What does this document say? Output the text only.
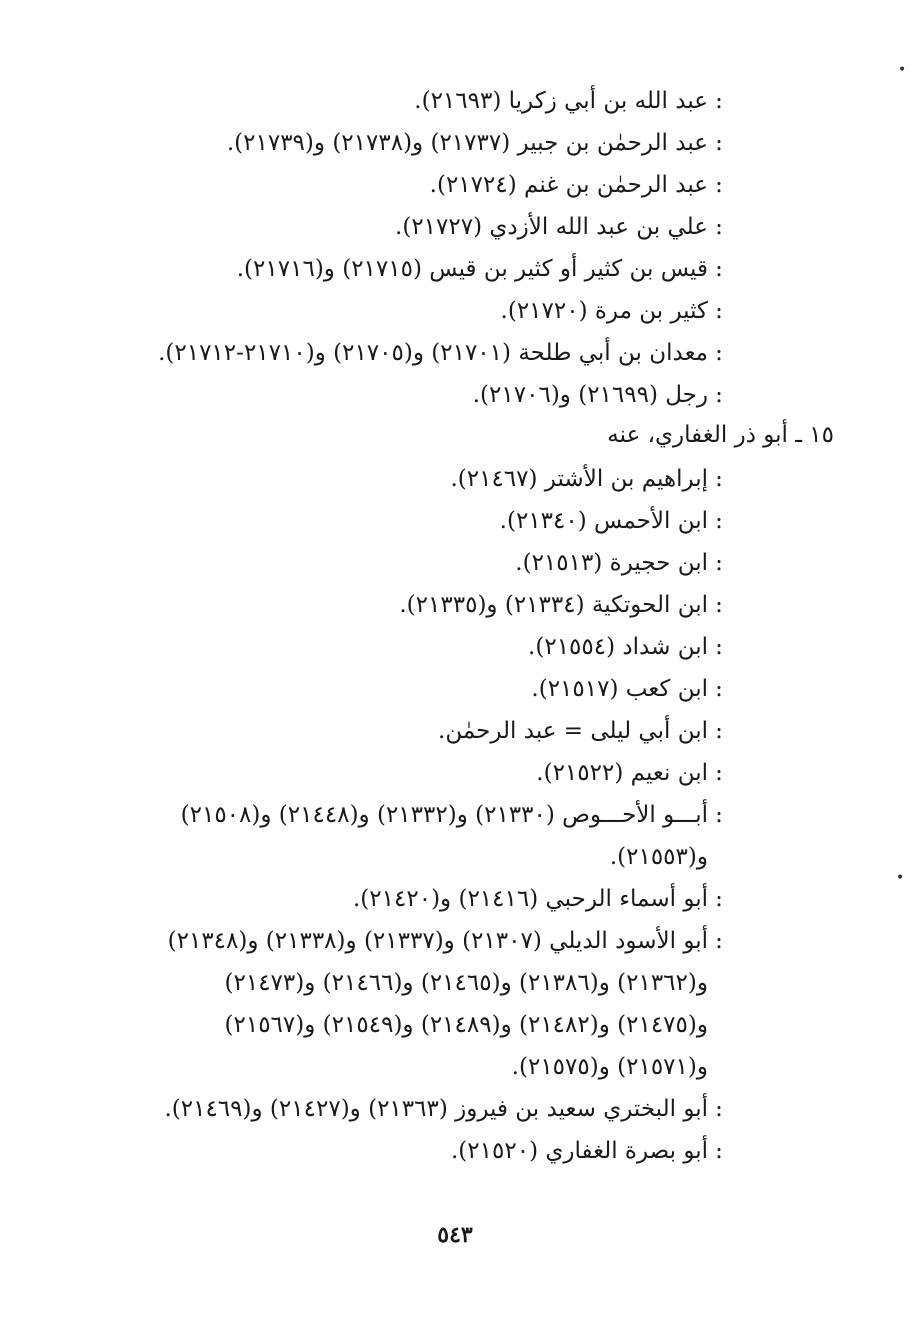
•
•
:عبد الله بن أبي زكريا (٢١٦٩٣).
:عبد الرحمٰن بن جبير (٢١٧٣٧) و(٢١٧٣٨) و(٢١٧٣٩).
:عبد الرحمٰن بن غنم (٢١٧٢٤).
:علي بن عبد الله الأزدي (٢١٧٢٧).
:قيس بن كثير أو كثير بن قيس (٢١٧١٥) و(٢١٧١٦).
:كثير بن مرة (٢١٧٢٠).
:معدان بن أبي طلحة (٢١٧٠١) و(٢١٧٠٥) و(٢١٧١٠-٢١٧١٢).
:رجل (٢١٦٩٩) و(٢١٧٠٦).
١٥ ـ أبو ذر الغفاري، عنه
:إبراهيم بن الأشتر (٢١٤٦٧).
:ابن الأحمس (٢١٣٤٠).
:ابن حجيرة (٢١٥١٣).
:ابن الحوتكية (٢١٣٣٤) و(٢١٣٣٥).
:ابن شداد (٢١٥٥٤).
:ابن كعب (٢١٥١٧).
:ابن أبي ليلى = عبد الرحمٰن.
:ابن نعيم (٢١٥٢٢).
:أبـــو الأحـــوص (٢١٣٣٠) و(٢١٣٣٢) و(٢١٤٤٨) و(٢١٥٠٨)
و(٢١٥٥٣).
:أبو أسماء الرحبي (٢١٤١٦) و(٢١٤٢٠).
:أبو الأسود الديلي (٢١٣٠٧) و(٢١٣٣٧) و(٢١٣٣٨) و(٢١٣٤٨)
و(٢١٣٦٢) و(٢١٣٨٦) و(٢١٤٦٥) و(٢١٤٦٦) و(٢١٤٧٣)
و(٢١٤٧٥) و(٢١٤٨٢) و(٢١٤٨٩) و(٢١٥٤٩) و(٢١٥٦٧)
و(٢١٥٧١) و(٢١٥٧٥).
:أبو البختري سعيد بن فيروز (٢١٣٦٣) و(٢١٤٢٧) و(٢١٤٦٩).
:أبو بصرة الغفاري (٢١٥٢٠).
٥٤٣
